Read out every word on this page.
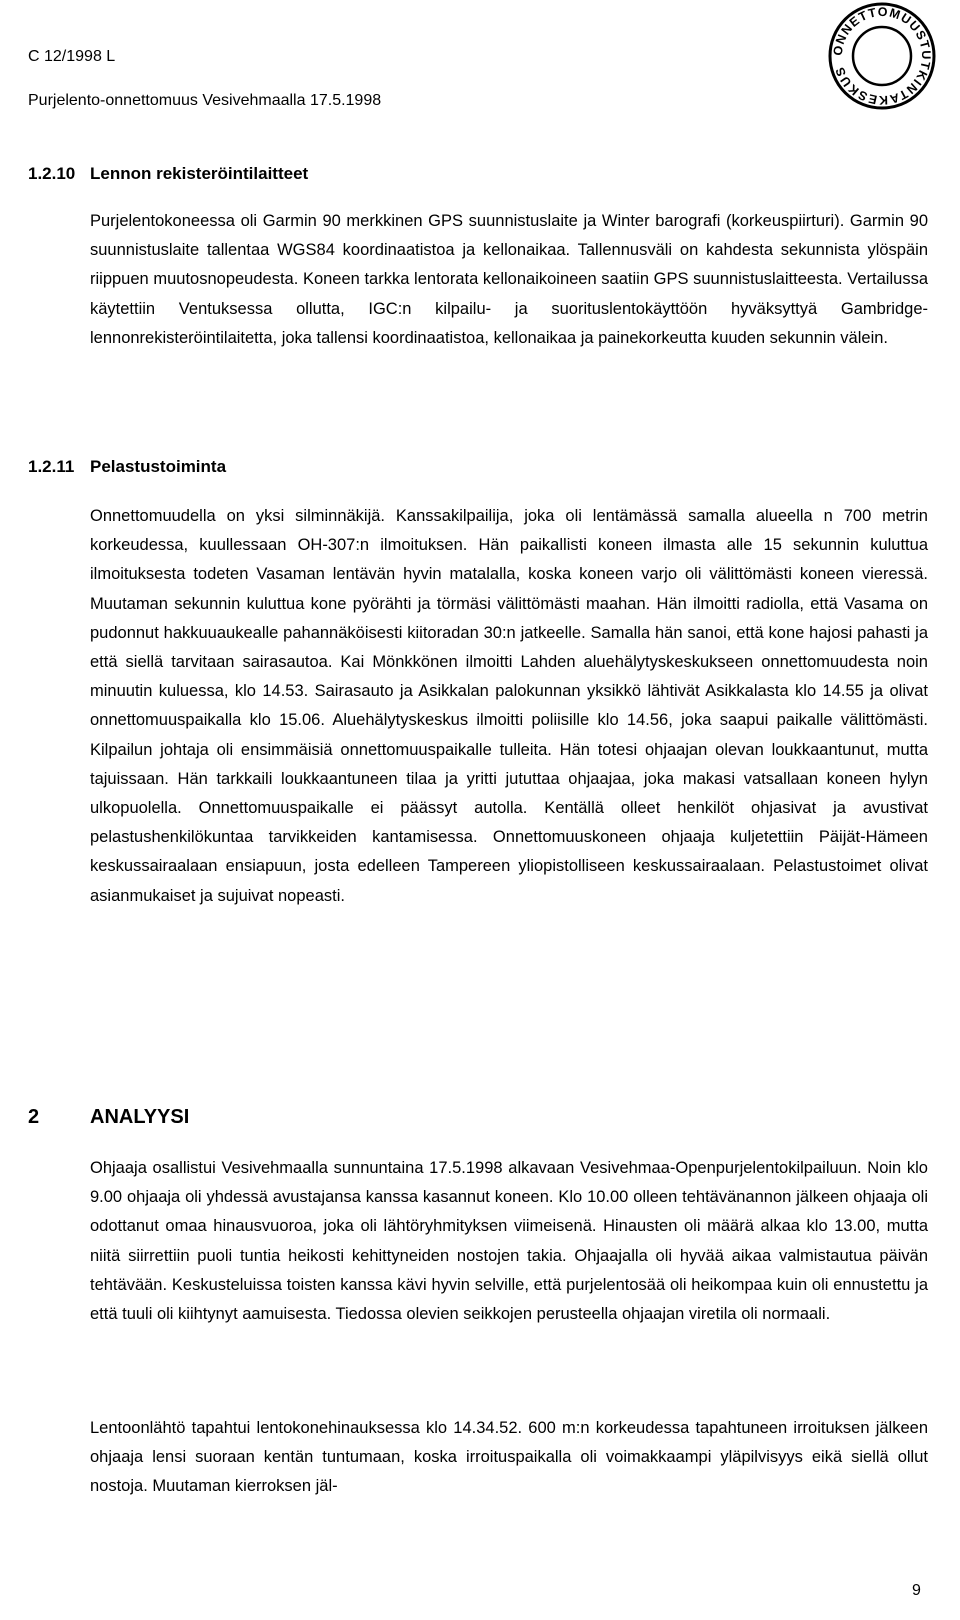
C 12/1998 L
Purjelento-onnettomuus Vesivehmaalla 17.5.1998
ONNETTOMUUSTUTKINTAKESKUS
1.2.10 Lennon rekisteröintilaitteet

Purjelentokoneessa oli Garmin 90 merkkinen GPS suunnistuslaite ja Winter barografi (korkeuspiirturi). Garmin 90 suunnistuslaite tallentaa WGS84 koordinaatistoa ja kellonaikaa. Tallennusväli on kahdesta sekunnista ylöspäin riippuen muutosnopeudesta. Koneen tarkka lentorata kellonaikoineen saatiin GPS suunnistuslaitteesta. Vertailussa käytettiin Ventuksessa ollutta, IGC:n kilpailu- ja suorituslentokäyttöön hyväksyttyä Gambridge-lennonrekisteröintilaitetta, joka tallensi koordinaatistoa, kellonaikaa ja painekorkeutta kuuden sekunnin välein.

1.2.11 Pelastustoiminta

Onnettomuudella on yksi silminnäkijä. Kanssakilpailija, joka oli lentämässä samalla alueella n 700 metrin korkeudessa, kuullessaan OH-307:n ilmoituksen. Hän paikallisti koneen ilmasta alle 15 sekunnin kuluttua ilmoituksesta todeten Vasaman lentävän hyvin matalalla, koska koneen varjo oli välittömästi koneen vieressä. Muutaman sekunnin kuluttua kone pyörähti ja törmäsi välittömästi maahan. Hän ilmoitti radiolla, että Vasama on pudonnut hakkuuaukealle pahannäköisesti kiitoradan 30:n jatkeelle. Samalla hän sanoi, että kone hajosi pahasti ja että siellä tarvitaan sairasautoa. Kai Mönkkönen ilmoitti Lahden aluehälytyskeskukseen onnettomuudesta noin minuutin kuluessa, klo 14.53. Sairasauto ja Asikkalan palokunnan yksikkö lähtivät Asikkalasta klo 14.55 ja olivat onnettomuuspaikalla klo 15.06. Aluehälytyskeskus ilmoitti poliisille klo 14.56, joka saapui paikalle välittömästi. Kilpailun johtaja oli ensimmäisiä onnettomuuspaikalle tulleita. Hän totesi ohjaajan olevan loukkaantunut, mutta tajuissaan. Hän tarkkaili loukkaantuneen tilaa ja yritti jututtaa ohjaajaa, joka makasi vatsallaan koneen hylyn ulkopuolella. Onnettomuuspaikalle ei päässyt autolla. Kentällä olleet henkilöt ohjasivat ja avustivat pelastushenkilökuntaa tarvikkeiden kantamisessa. Onnettomuuskoneen ohjaaja kuljetettiin Päijät-Hämeen keskussairaalaan ensiapuun, josta edelleen Tampereen yliopistolliseen keskussairaalaan. Pelastustoimet olivat asianmukaiset ja sujuivat nopeasti.

2	ANALYYSI

Ohjaaja osallistui Vesivehmaalla sunnuntaina 17.5.1998 alkavaan Vesivehmaa-Openpurjelentokilpailuun. Noin klo 9.00 ohjaaja oli yhdessä avustajansa kanssa kasannut koneen. Klo 10.00 olleen tehtävänannon jälkeen ohjaaja oli odottanut omaa hinausvuoroa, joka oli lähtöryhmityksen viimeisenä. Hinausten oli määrä alkaa klo 13.00, mutta niitä siirrettiin puoli tuntia heikosti kehittyneiden nostojen takia. Ohjaajalla oli hyvää aikaa valmistautua päivän tehtävään. Keskusteluissa toisten kanssa kävi hyvin selville, että purjelentosää oli heikompaa kuin oli ennustettu ja että tuuli oli kiihtynyt aamuisesta. Tiedossa olevien seikkojen perusteella ohjaajan viretila oli normaali.

Lentoonlähtö tapahtui lentokonehinauksessa klo 14.34.52. 600 m:n korkeudessa tapahtuneen irroituksen jälkeen ohjaaja lensi suoraan kentän tuntumaan, koska irroituspaikalla oli voimakkaampi yläpilvisyys eikä siellä ollut nostoja. Muutaman kierroksen jäl-

9
